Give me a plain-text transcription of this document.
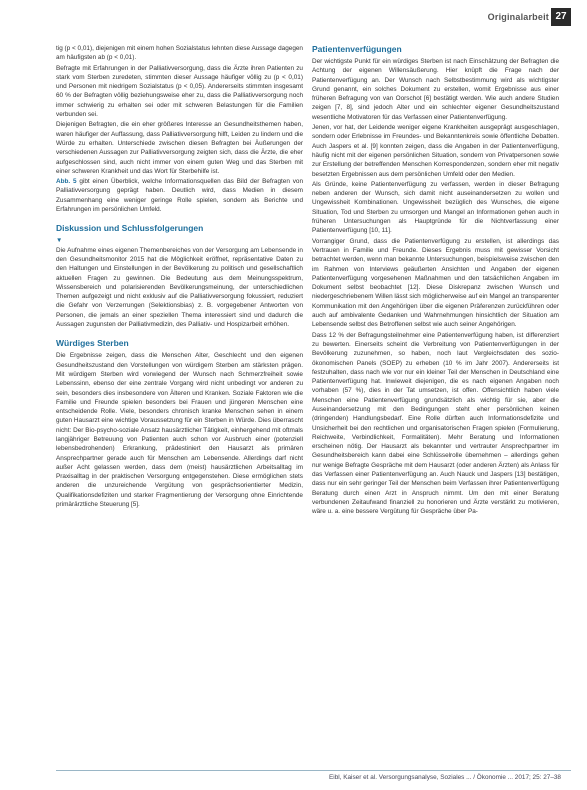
Originalarbeit 27

tig (p < 0,01), diejenigen mit einem hohen Sozialstatus lehnten diese Aussage dagegen am häufigsten ab (p < 0,01).

Befragte mit Erfahrungen in der Palliativversorgung, dass die Ärzte ihren Patienten zu stark vom Sterben zuredeten, stimmten dieser Aussage häufiger völlig zu (p < 0,01) und Personen mit niedrigem Sozialstatus (p < 0,05). Andererseits stimmten insgesamt 60 % der Befragten völlig beziehungsweise eher zu, dass die Palliativversorgung noch immer schwierig zu erhalten sei oder mit schweren Belastungen für die Familien verbunden sei.

Diejenigen Befragten, die ein eher größeres Interesse an Gesundheitsthemen haben, waren häufiger der Auffassung, dass Palliativversorgung hilft, Leiden zu lindern und die Würde zu erhalten. Unterschiede zwischen diesen Befragten bei Äußerungen der verschiedenen Aussagen zur Palliativversorgung zeigten sich, dass die Ärzte, die eher aufgeschlossen sind, auch nicht immer von einem guten Weg und das Sterben mit einer schweren Krankheit und das Wort für Sterbehilfe ist.

Abb. 5 gibt einen Überblick, welche Informationsquellen das Bild der Befragten von Palliativversorgung geprägt haben. Deutlich wird, dass Medien in diesem Zusammenhang eine weniger geringe Rolle spielen, sondern als Berichte und Erfahrungen im persönlichen Umfeld.

Diskussion und Schlussfolgerungen
▼

Die Aufnahme eines eigenen Themenbereiches von der Versorgung am Lebensende in den Gesundheitsmonitor 2015 hat die Möglichkeit eröffnet, repräsentative Daten zu den Haltungen und Einstellungen in der Bevölkerung zu politisch und gesellschaftlich aktuellen Fragen zu gewinnen. Die Bedeutung aus dem Meinungsspektrum, Wissensbereich und polarisierenden Bevölkerungsmeinung, der unterschiedlichen Themen aufgezeigt und nicht exklusiv auf die Palliativversorgung fokussiert, reduziert die Gefahr von Verzerrungen (Selektionsbias) z. B. vorgegebener Antworten von Personen, die jemals an einer speziellen Thema interessiert sind und dadurch die Aussagen zugunsten der Palliativmedizin, des Palliativ- und Hospizarbeit erhöhen.

Würdiges Sterben

Die Ergebnisse zeigen, dass die Menschen Alter, Geschlecht und den eigenen Gesundheitszustand den Vorstellungen von würdigem Sterben am stärksten prägen. Mit würdigem Sterben wird vorwiegend der Wunsch nach Schmerzfreiheit sowie Lebenssinn, ebenso der eine zentrale Vorgang wird nicht unbedingt vor anderen zu sein, besonders dies insbesondere von Älteren und Kranken. Soziale Faktoren wie die Familie und Freunde spielen besonders bei Frauen und jüngeren Menschen eine entscheidende Rolle. Viele, besonders chronisch kranke Menschen sehen in einem guten Hausarzt eine wichtige Voraussetzung für ein Sterben in Würde. Dies überrascht nicht: Der Bio-psycho-soziale Ansatz hausärztlicher Tätigkeit, einhergehend mit oftmals langjähriger Betreuung von Patienten auch schon vor Ausbruch einer (potenziell lebensbedrohenden) Erkrankung, prädestiniert den Hausarzt als primären Ansprechpartner gerade auch für Menschen am Lebensende. Allerdings darf nicht außer Acht gelassen werden, dass dem (meist) hausärztlichen Arbeitsalltag im Praxisalltag in der praktischen Versorgung entgegenstehen. Diese ermöglichen stets anderen die unzureichende Vergütung von gesprächsorientierter Medizin, Qualifikationsdefiziten und starker Fragmentierung der Versorgung ohne Einrichtende primärärztliche Steuerung [5].

Patientenverfügungen

Der wichtigste Punkt für ein würdiges Sterben ist nach Einschätzung der Befragten die Achtung der eigenen Willensäußerung. Hier knüpft die Frage nach der Patientenverfügung an. Der Wunsch nach Selbstbestimmung wird als wichtigster Grund genannt, ein solches Dokument zu erstellen, womit Ergebnisse aus einer früheren Befragung von van Oorschot [6] bestätigt werden. Wie auch andere Studien zeigen [7, 8], sind jedoch Alter und ein schlechter eigener Gesundheitszustand wesentliche Motivatoren für das Verfassen einer Patientenverfügung.

Jenen, vor hat, der Leidende weniger eigene Krankheiten ausgeprägt ausgeschlagen, sondern oder Erlebnisse im Freundes- und Bekanntenkreis sowie öffentliche Debatten. Auch Jaspers et al. [9] konnten zeigen, dass die Angaben in der Patientenverfügung, häufig nicht mit der eigenen persönlichen Situation, sondern von Privatpersonen sowie zur Erstellung der betreffenden Menschen Korrespondenzen, sondern eher mit negativ besetzten Ergebnissen aus dem persönlichen Umfeld oder den Medien.

Als Gründe, keine Patientenverfügung zu verfassen, werden in dieser Befragung neben anderen der Wunsch, sich damit nicht auseinandersetzen zu wollen und Ungewissheit Kombinationen. Ungewissheit bezüglich des Wunsches, die eigene Situation, Tod und Sterben zu umsorgen und Mangel an Informationen gehen auch in früheren Untersuchungen als Hauptgründe für die Nichtverfassung einer Patientenverfügung [10, 11].

Vorrangiger Grund, dass die Patientenverfügung zu erstellen, ist allerdings das Vertrauen in Familie und Freunde. Dieses Ergebnis muss mit gewisser Vorsicht betrachtet werden, wenn man bekannte Untersuchungen, beispielsweise zwischen den im Rahmen von Interviews geäußerten Ansichten und Angaben der eigenen Patientenverfügung vorgesehenen Maßnahmen und den tatsächlichen Angaben im Dokument selbst beobachtet [12]. Diese Diskrepanz zwischen Wunsch und niedergeschriebenem Willen lässt sich möglicherweise auf ein Mangel an transparenter Kommunikation mit den Angehörigen über die eigenen Präferenzen zurückführen oder auch auf ambivalente Gedanken und Wahrnehmungen hinsichtlich der Situation am Lebensende selbst des Betroffenen selbst wie auch seiner Angehörigen.

Dass 12 % der Befragungsteilnehmer eine Patientenverfügung haben, ist differenziert zu bewerten. Einerseits scheint die Verbreitung von Patientenverfügungen in der Bevölkerung zuzunehmen, so haben, noch laut Vergleichsdaten des sozio-ökonomischen Panels (SOEP) zu erheben (10 % im Jahr 2007). Andererseits ist festzuhalten, dass nach wie vor nur ein kleiner Teil der Menschen in Deutschland eine Patientenverfügung hat. Inwieweit diejenigen, die es nach eigenen Angaben noch vorhaben (57 %), dies in der Tat umsetzen, ist offen. Offensichtlich haben viele Menschen eine Patientenverfügung grundsätzlich als wichtig für sie, aber die Auseinandersetzung mit den Bedingungen steht eher persönlichen keinen (dringenden) Handlungsbedarf. Eine Rolle dürften auch Informationsdefizite und Unsicherheit bei den rechtlichen und organisatorischen Fragen spielen (Formulierung, Reichweite, Verbindlichkeit, Formalitäten). Mehr Beratung und Informationen erscheinen nötig. Der Hausarzt als bekannter und vertrauter Ansprechpartner im Gesundheitsbereich kann dabei eine Schlüsselrolle übernehmen – allerdings gehen nur wenige Befragte Gespräche mit dem Hausarzt (oder anderen Ärzten) als Anlass für das Verfassen einer Patientenverfügung an. Auch Nauck und Jaspers [13] bestätigen, dass nur ein sehr geringer Teil der Menschen beim Verfassen ihrer Patientenverfügung Beratung durch einen Arzt in Anspruch nimmt. Um den mit einer Beratung verbundenen Zeitaufwand finanziell zu honorieren und Ärzte verstärkt zu motivieren, wäre u. a. eine bessere Vergütung für Gespräche über Pa-

Eibl, Kaiser et al. Versorgungsanalyse, Soziales ... / Ökonomie ... 2017; 25: 27–38
